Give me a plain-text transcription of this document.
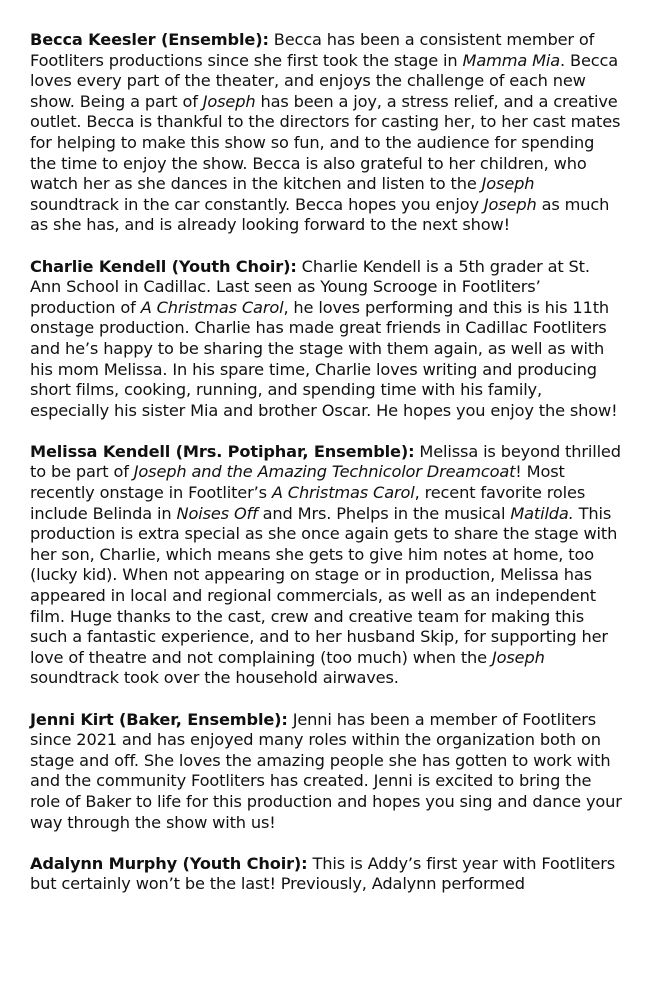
Becca Keesler (Ensemble): Becca has been a consistent member of Footliters productions since she first took the stage in Mamma Mia. Becca loves every part of the theater, and enjoys the challenge of each new show. Being a part of Joseph has been a joy, a stress relief, and a creative outlet. Becca is thankful to the directors for casting her, to her cast mates for helping to make this show so fun, and to the audience for spending the time to enjoy the show. Becca is also grateful to her children, who watch her as she dances in the kitchen and listen to the Joseph soundtrack in the car constantly. Becca hopes you enjoy Joseph as much as she has, and is already looking forward to the next show!

Charlie Kendell (Youth Choir): Charlie Kendell is a 5th grader at St. Ann School in Cadillac. Last seen as Young Scrooge in Footliters’ production of A Christmas Carol, he loves performing and this is his 11th onstage production. Charlie has made great friends in Cadillac Footliters and he’s happy to be sharing the stage with them again, as well as with his mom Melissa. In his spare time, Charlie loves writing and producing short films, cooking, running, and spending time with his family, especially his sister Mia and brother Oscar. He hopes you enjoy the show!

Melissa Kendell (Mrs. Potiphar, Ensemble): Melissa is beyond thrilled to be part of Joseph and the Amazing Technicolor Dreamcoat! Most recently onstage in Footliter’s A Christmas Carol, recent favorite roles include Belinda in Noises Off and Mrs. Phelps in the musical Matilda. This production is extra special as she once again gets to share the stage with her son, Charlie, which means she gets to give him notes at home, too (lucky kid). When not appearing on stage or in production, Melissa has appeared in local and regional commercials, as well as an independent film. Huge thanks to the cast, crew and creative team for making this such a fantastic experience, and to her husband Skip, for supporting her love of theatre and not complaining (too much) when the Joseph soundtrack took over the household airwaves.

Jenni Kirt (Baker, Ensemble): Jenni has been a member of Footliters since 2021 and has enjoyed many roles within the organization both on stage and off. She loves the amazing people she has gotten to work with and the community Footliters has created. Jenni is excited to bring the role of Baker to life for this production and hopes you sing and dance your way through the show with us!

Adalynn Murphy (Youth Choir): This is Addy’s first year with Footliters but certainly won’t be the last! Previously, Adalynn performed
